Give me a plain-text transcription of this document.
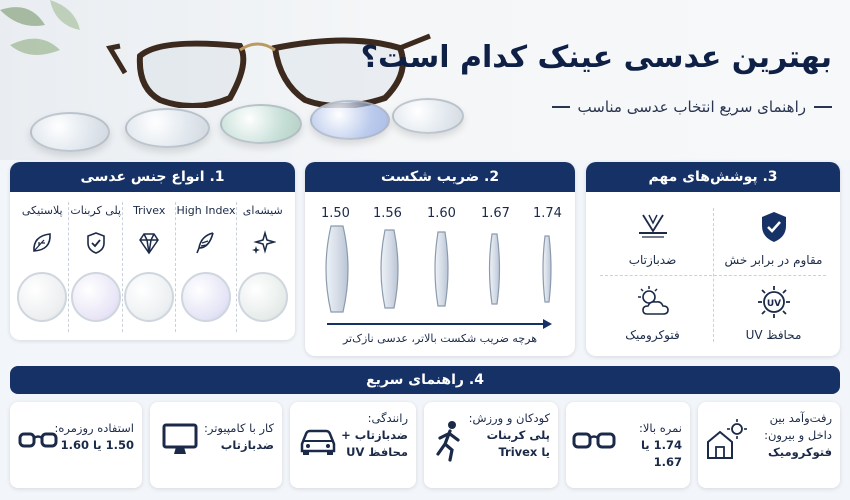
بهترین عدسی عینک کدام است؟
راهنمای سریع انتخاب عدسی مناسب
1. انواع جنس عدسی
شیشه‌ای
High Index
Trivex
پلی کربنات
پلاستیکی
2. ضریب شکست
1.50 1.56 1.60 1.67 1.74
هرچه ضریب شکست بالاتر، عدسی نازک‌تر
3. پوشش‌های مهم
مقاوم در برابر خش
ضدبازتاب
UV
محافظ UV
فتوکرومیک
4. راهنمای سریع
رفت‌وآمد بین
داخل و بیرون:
فتوکرومیک
نمره بالا:
1.74 یا 1.67
کودکان و ورزش:
پلی کربنات
یا Trivex
رانندگی:
ضدبازتاب +
محافظ UV
کار با کامپیوتر:
ضدبازتاب
استفاده روزمره:
1.50 یا 1.60
